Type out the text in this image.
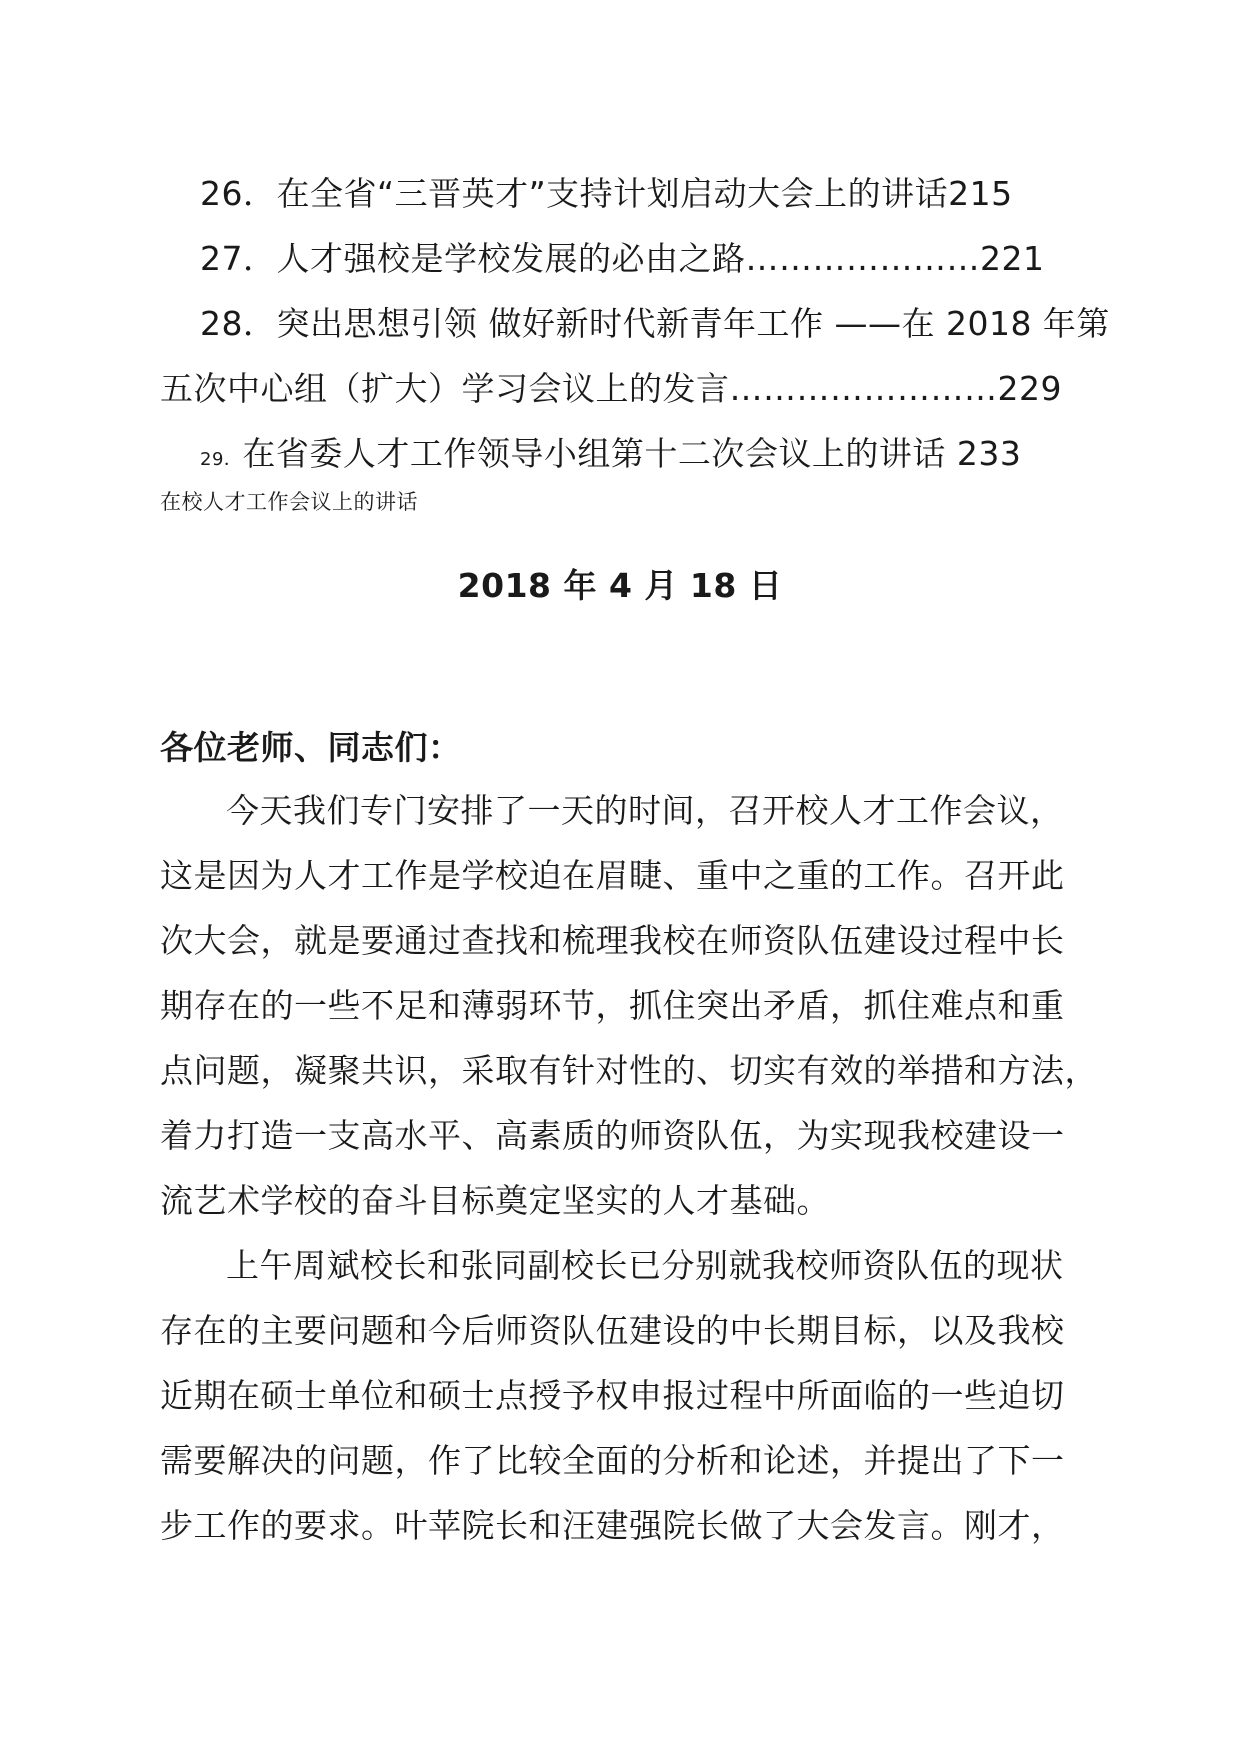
26．在全省“三晋英才”支持计划启动大会上的讲话215
27．人才强校是学校发展的必由之路…………………221
28．突出思想引领 做好新时代新青年工作 ——在 2018 年第
五次中心组（扩大）学习会议上的发言……………………229
29．在省委人才工作领导小组第十二次会议上的讲话 233
在校人才工作会议上的讲话
2018 年 4 月 18 日
各位老师、同志们：
今天我们专门安排了一天的时间，召开校人才工作会议，
这是因为人才工作是学校迫在眉睫、重中之重的工作。召开此
次大会，就是要通过查找和梳理我校在师资队伍建设过程中长
期存在的一些不足和薄弱环节，抓住突出矛盾，抓住难点和重
点问题，凝聚共识，采取有针对性的、切实有效的举措和方法，
着力打造一支高水平、高素质的师资队伍，为实现我校建设一
流艺术学校的奋斗目标奠定坚实的人才基础。
上午周斌校长和张同副校长已分别就我校师资队伍的现状
存在的主要问题和今后师资队伍建设的中长期目标，以及我校
近期在硕士单位和硕士点授予权申报过程中所面临的一些迫切
需要解决的问题，作了比较全面的分析和论述，并提出了下一
步工作的要求。叶苹院长和汪建强院长做了大会发言。刚才，
